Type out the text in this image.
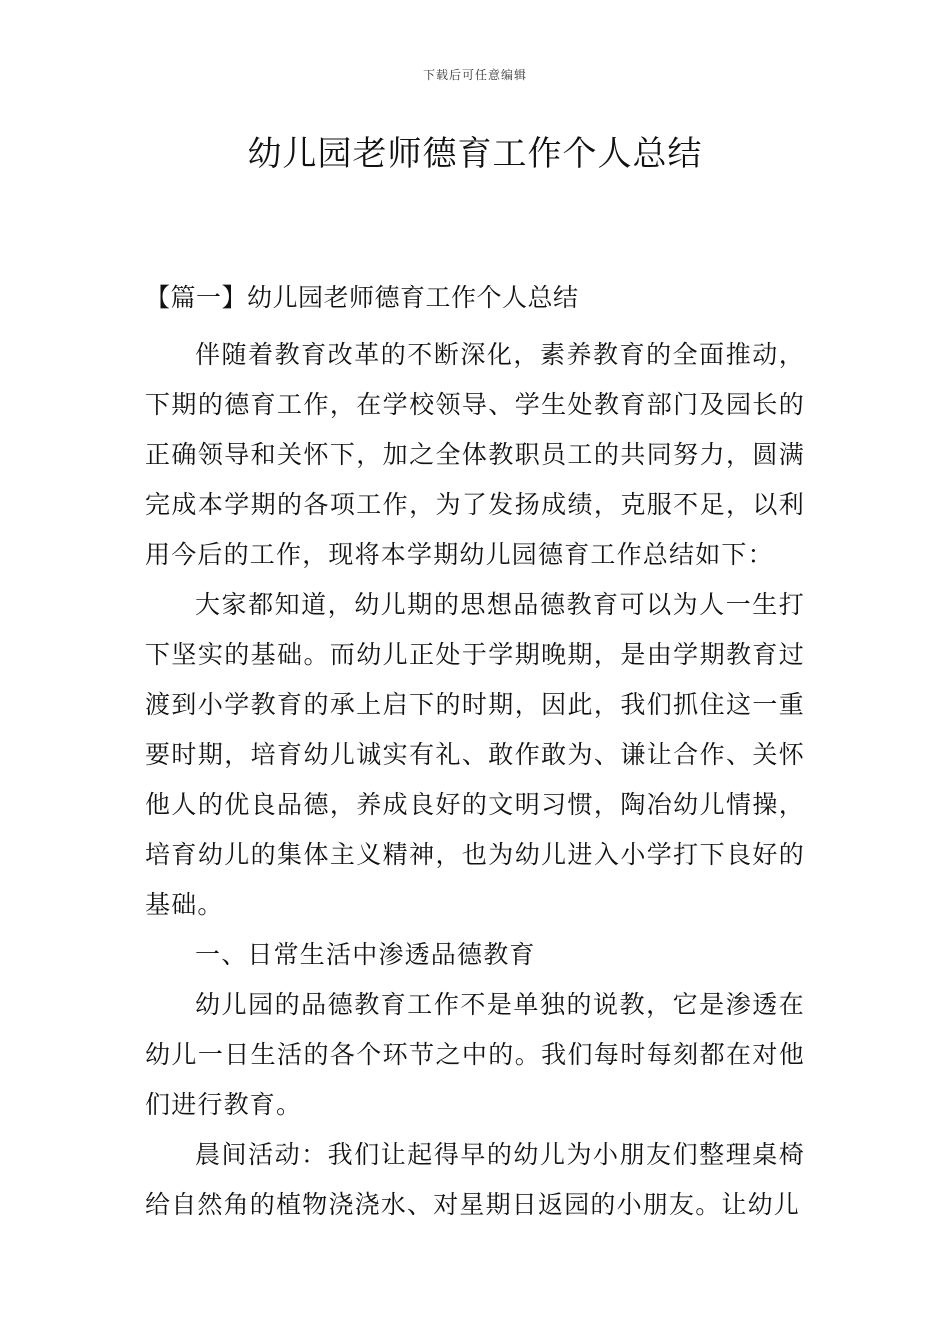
下载后可任意编辑
幼儿园老师德育工作个人总结
【篇一】幼儿园老师德育工作个人总结

伴随着教育改革的不断深化，素养教育的全面推动，下期的德育工作，在学校领导、学生处教育部门及园长的正确领导和关怀下，加之全体教职员工的共同努力，圆满完成本学期的各项工作，为了发扬成绩，克服不足，以利用今后的工作，现将本学期幼儿园德育工作总结如下：

大家都知道，幼儿期的思想品德教育可以为人一生打下坚实的基础。而幼儿正处于学期晚期，是由学期教育过渡到小学教育的承上启下的时期，因此，我们抓住这一重要时期，培育幼儿诚实有礼、敢作敢为、谦让合作、关怀他人的优良品德，养成良好的文明习惯，陶冶幼儿情操，培育幼儿的集体主义精神，也为幼儿进入小学打下良好的基础。

一、日常生活中渗透品德教育

幼儿园的品德教育工作不是单独的说教，它是渗透在幼儿一日生活的各个环节之中的。我们每时每刻都在对他们进行教育。

晨间活动：我们让起得早的幼儿为小朋友们整理桌椅给自然角的植物浇浇水、对星期日返园的小朋友。让幼儿
